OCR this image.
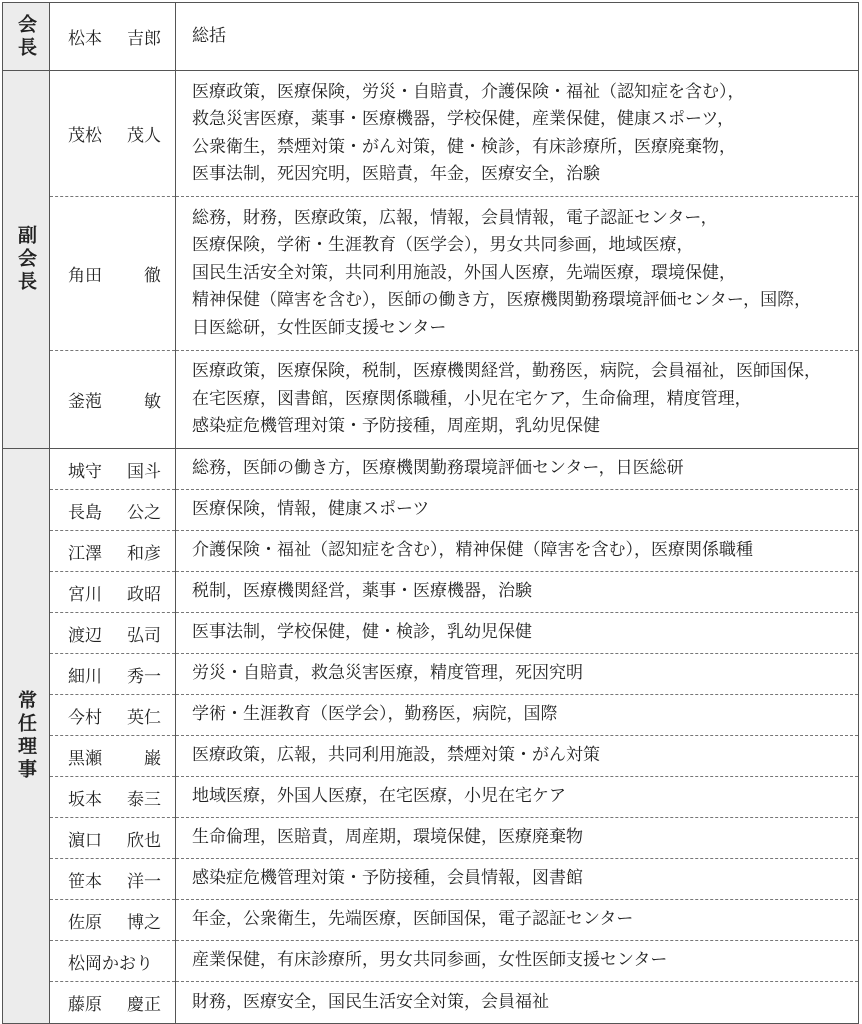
会長	松本 吉郎	総括

副会長	茂松 茂人	医療政策，医療保険，労災・自賠責，介護保険・福祉（認知症を含む），
救急災害医療，薬事・医療機器，学校保健，産業保健，健康スポーツ，
公衆衛生，禁煙対策・がん対策，健・検診，有床診療所，医療廃棄物，
医事法制，死因究明，医賠責，年金，医療安全，治験

	角田 徹	総務，財務，医療政策，広報，情報，会員情報，電子認証センター，
医療保険，学術・生涯教育（医学会），男女共同参画，地域医療，
国民生活安全対策，共同利用施設，外国人医療，先端医療，環境保健，
精神保健（障害を含む），医師の働き方，医療機関勤務環境評価センター，国際，
日医総研，女性医師支援センター

	釜萢 敏	医療政策，医療保険，税制，医療機関経営，勤務医，病院，会員福祉，医師国保，
在宅医療，図書館，医療関係職種，小児在宅ケア，生命倫理，精度管理，
感染症危機管理対策・予防接種，周産期，乳幼児保健

常任理事	城守 国斗	総務，医師の働き方，医療機関勤務環境評価センター，日医総研

	長島 公之	医療保険，情報，健康スポーツ

	江澤 和彦	介護保険・福祉（認知症を含む），精神保健（障害を含む），医療関係職種

	宮川 政昭	税制，医療機関経営，薬事・医療機器，治験

	渡辺 弘司	医事法制，学校保健，健・検診，乳幼児保健

	細川 秀一	労災・自賠責，救急災害医療，精度管理，死因究明

	今村 英仁	学術・生涯教育（医学会），勤務医，病院，国際

	黒瀬 巌	医療政策，広報，共同利用施設，禁煙対策・がん対策

	坂本 泰三	地域医療，外国人医療，在宅医療，小児在宅ケア

	濵口 欣也	生命倫理，医賠責，周産期，環境保健，医療廃棄物

	笹本 洋一	感染症危機管理対策・予防接種，会員情報，図書館

	佐原 博之	年金，公衆衛生，先端医療，医師国保，電子認証センター

	松岡かおり	産業保健，有床診療所，男女共同参画，女性医師支援センター

	藤原 慶正	財務，医療安全，国民生活安全対策，会員福祉
